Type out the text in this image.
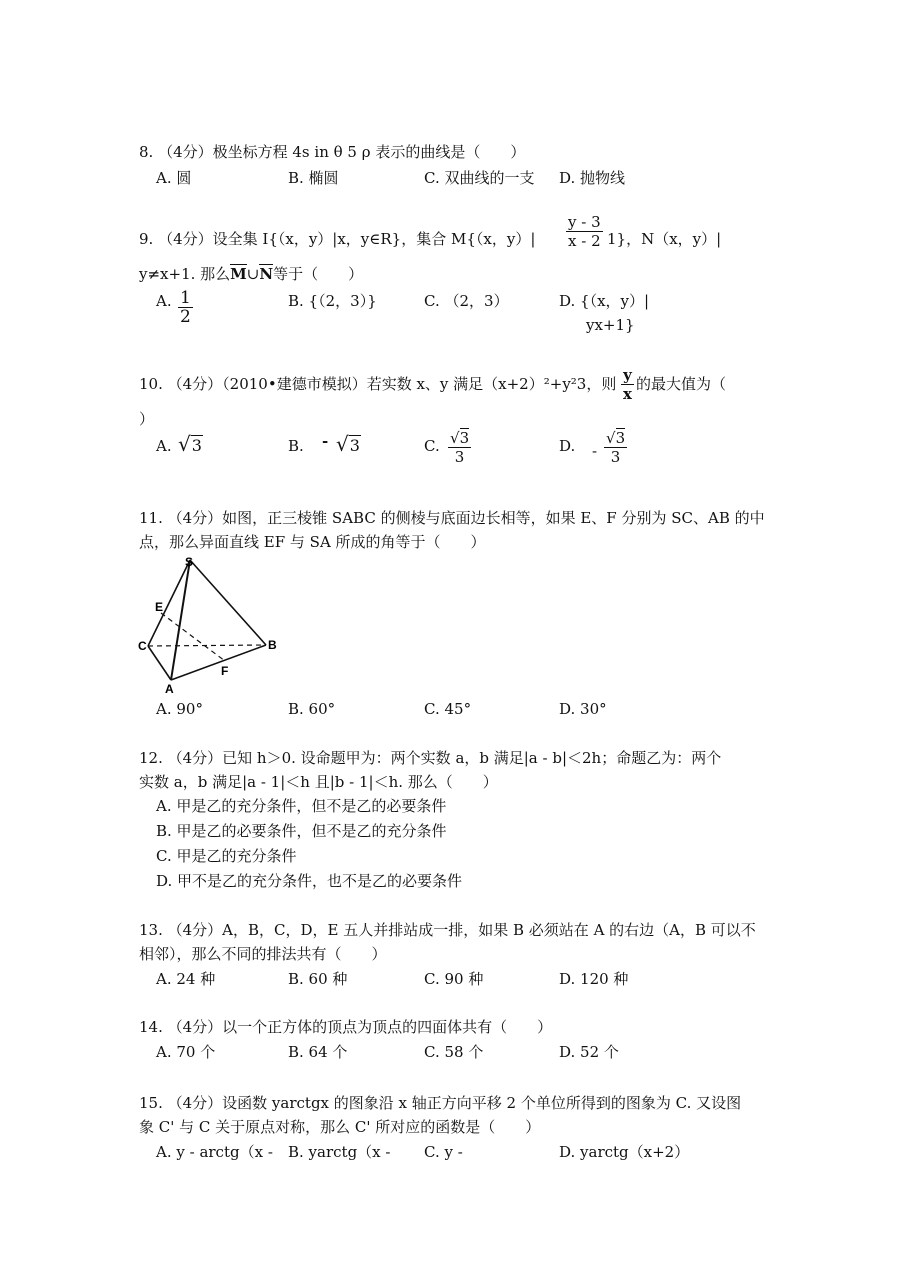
8. （4分）极坐标方程 4s in θ 5 ρ 表示的曲线是（　　）
A. 圆	B. 椭圆	C. 双曲线的一支 D. 抛物线
9. （4分）设全集 I{（x，y）|x，y∈R}，集合 M{（x，y）|
y - 3
x - 2 1}，N（x，y）|
y≠x+1. 那么M∪N等于（　　）
A. 1
2
B. {（2，3）}	C. （2，3）	D. {（x，y）|
yx+1}
10. （4分）（2010•建德市模拟）若实数 x、y 满足（x+2）²+y²3，则 y
x
的最大值为（
）
A. √3	B. - √3	C. √3
3
D. -
√3
3
11. （4分）如图，正三棱锥 SABC 的侧棱与底面边长相等，如果 E、F 分别为 SC、AB 的中
点，那么异面直线 EF 与 SA 所成的角等于（　　）
S
E
C	B
F
A
A. 90°	B. 60°	C. 45°	D. 30°
12. （4分）已知 h＞0. 设命题甲为：两个实数 a，b 满足|a - b|＜2h；命题乙为：两个
实数 a，b 满足|a - 1|＜h 且|b - 1|＜h. 那么（　　）
A. 甲是乙的充分条件，但不是乙的必要条件
B. 甲是乙的必要条件，但不是乙的充分条件
C. 甲是乙的充分条件
D. 甲不是乙的充分条件，也不是乙的必要条件
13. （4分）A，B，C，D，E 五人并排站成一排，如果 B 必须站在 A 的右边（A，B 可以不
相邻），那么不同的排法共有（　　）
A. 24 种	B. 60 种	C. 90 种	D. 120 种
14. （4分）以一个正方体的顶点为顶点的四面体共有（　　）
A. 70 个	B. 64 个	C. 58 个	D. 52 个
15. （4分）设函数 yarctgx 的图象沿 x 轴正方向平移 2 个单位所得到的图象为 C. 又设图
象 C' 与 C 关于原点对称，那么 C' 所对应的函数是（　　）
A. y - arctg（x - B. yarctg（x - C. y -	D. yarctg（x+2）
